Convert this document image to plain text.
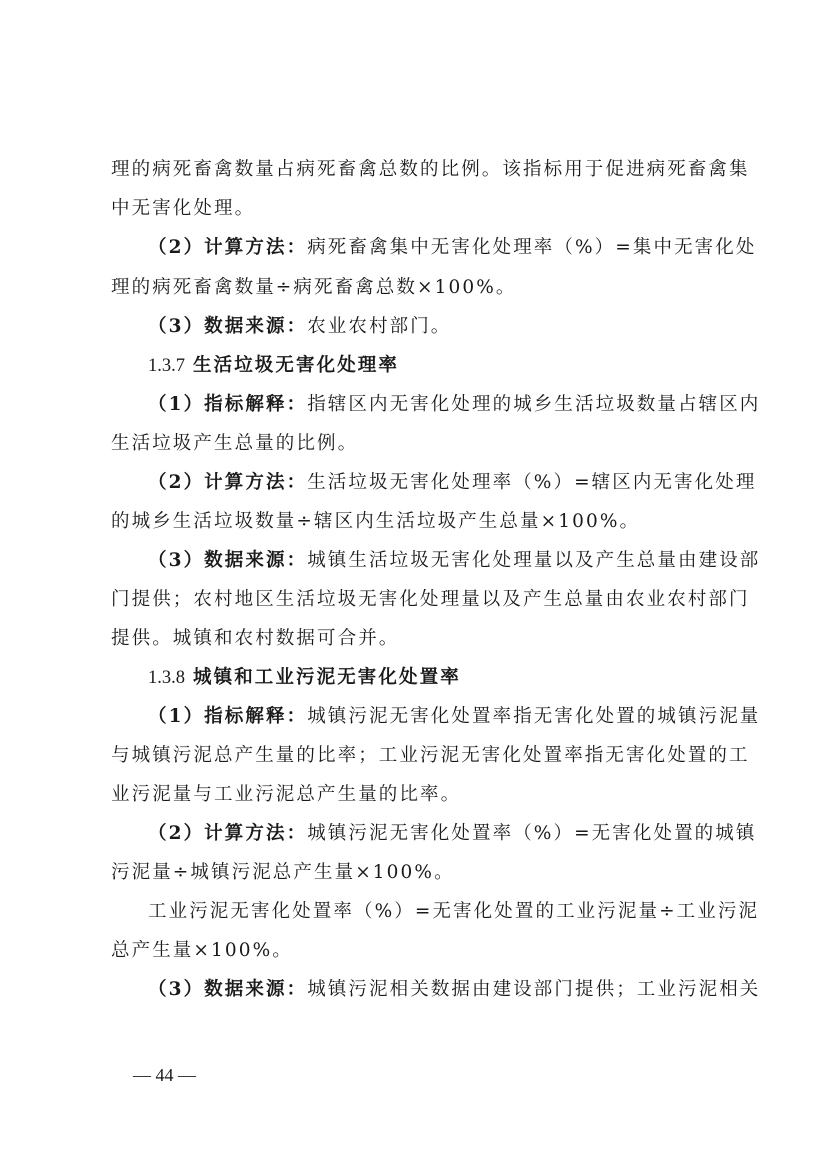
理的病死畜禽数量占病死畜禽总数的比例。该指标用于促进病死畜禽集
中无害化处理。
（2）计算方法：病死畜禽集中无害化处理率（%）=集中无害化处
理的病死畜禽数量÷病死畜禽总数×100%。
（3）数据来源：农业农村部门。
1.3.7 生活垃圾无害化处理率
（1）指标解释：指辖区内无害化处理的城乡生活垃圾数量占辖区内
生活垃圾产生总量的比例。
（2）计算方法：生活垃圾无害化处理率（%）=辖区内无害化处理
的城乡生活垃圾数量÷辖区内生活垃圾产生总量×100%。
（3）数据来源：城镇生活垃圾无害化处理量以及产生总量由建设部
门提供；农村地区生活垃圾无害化处理量以及产生总量由农业农村部门
提供。城镇和农村数据可合并。
1.3.8 城镇和工业污泥无害化处置率
（1）指标解释：城镇污泥无害化处置率指无害化处置的城镇污泥量
与城镇污泥总产生量的比率；工业污泥无害化处置率指无害化处置的工
业污泥量与工业污泥总产生量的比率。
（2）计算方法：城镇污泥无害化处置率（%）=无害化处置的城镇
污泥量÷城镇污泥总产生量×100%。
工业污泥无害化处置率（%）=无害化处置的工业污泥量÷工业污泥
总产生量×100%。
（3）数据来源：城镇污泥相关数据由建设部门提供；工业污泥相关
— 44 —
